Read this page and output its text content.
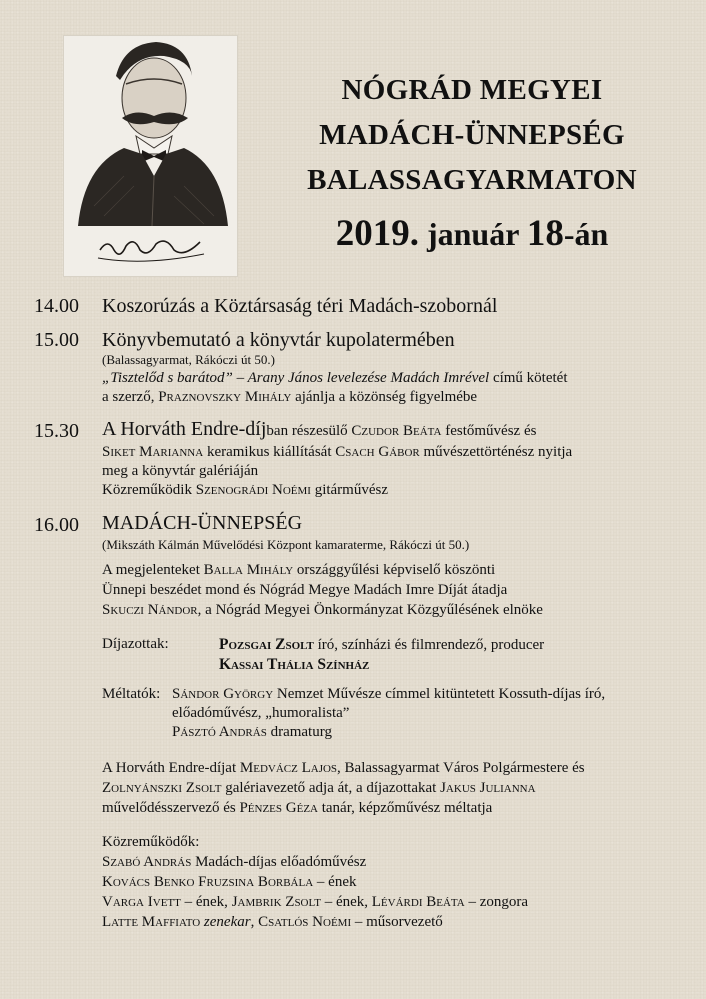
NÓGRÁD MEGYEI
MADÁCH-ÜNNEPSÉG
BALASSAGYARMATON
2019. január 18-án
14.00 Koszorúzás a Köztársaság téri Madách-szobornál
15.00 Könyvbemutató a könyvtár kupolatermében
(Balassagyarmat, Rákóczi út 50.)
„Tisztelőd s barátod” – Arany János levelezése Madách Imrével című kötetét
a szerző, Praznovszky Mihály ajánlja a közönség figyelmébe
15.30 A Horváth Endre-díjban részesülő Czudor Beáta festőművész és
Siket Marianna keramikus kiállítását Csach Gábor művészettörténész nyitja
meg a könyvtár galériáján
Közreműködik Szenográdi Noémi gitárművész
16.00 MADÁCH-ÜNNEPSÉG
(Mikszáth Kálmán Művelődési Központ kamaraterme, Rákóczi út 50.)
A megjelenteket Balla Mihály országgyűlési képviselő köszönti
Ünnepi beszédet mond és Nógrád Megye Madách Imre Díját átadja
Skuczi Nándor, a Nógrád Megyei Önkormányzat Közgyűlésének elnöke
Díjazottak:	Pozsgai Zsolt író, színházi és filmrendező, producer
Kassai Thália Színház
Méltatók: Sándor György Nemzet Művésze címmel kitüntetett Kossuth-díjas író,
előadóművész, „humoralista”
Pásztó András dramaturg
A Horváth Endre-díjat Medvácz Lajos, Balassagyarmat Város Polgármestere és
Zolnyánszki Zsolt galériavezető adja át, a díjazottakat Jakus Julianna
művelődésszervező és Pénzes Géza tanár, képzőművész méltatja
Közreműködők:
Szabó András Madách-díjas előadóművész
Kovács Benko Fruzsina Borbála – ének
Varga Ivett – ének, Jambrik Zsolt – ének, Lévárdi Beáta – zongora
Latte Maffiato zenekar, Csatlós Noémi – műsorvezető
